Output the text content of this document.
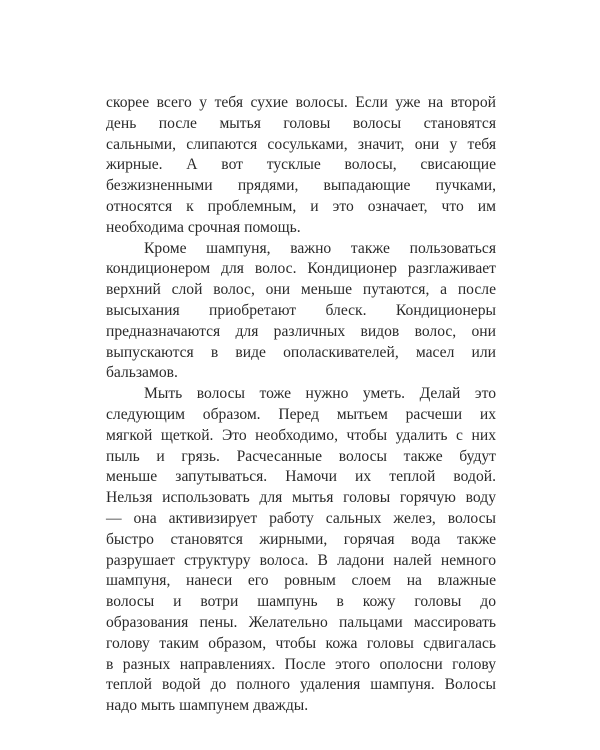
скорее всего у тебя сухие волосы. Если уже на второй
день после мытья головы волосы становятся
сальными, слипаются сосульками, значит, они у тебя
жирные. А вот тусклые волосы, свисающие
безжизненными прядями, выпадающие пучками,
относятся к проблемным, и это означает, что им
необходима срочная помощь.
Кроме шампуня, важно также пользоваться
кондиционером для волос. Кондиционер разглаживает
верхний слой волос, они меньше путаются, а после
высыхания приобретают блеск. Кондиционеры
предназначаются для различных видов волос, они
выпускаются в виде ополаскивателей, масел или
бальзамов.
Мыть волосы тоже нужно уметь. Делай это
следующим образом. Перед мытьем расчеши их
мягкой щеткой. Это необходимо, чтобы удалить с них
пыль и грязь. Расчесанные волосы также будут
меньше запутываться. Намочи их теплой водой.
Нельзя использовать для мытья головы горячую воду
— она активизирует работу сальных желез, волосы
быстро становятся жирными, горячая вода также
разрушает структуру волоса. В ладони налей немного
шампуня, нанеси его ровным слоем на влажные
волосы и вотри шампунь в кожу головы до
образования пены. Желательно пальцами массировать
голову таким образом, чтобы кожа головы сдвигалась
в разных направлениях. После этого ополосни голову
теплой водой до полного удаления шампуня. Волосы
надо мыть шампунем дважды.
